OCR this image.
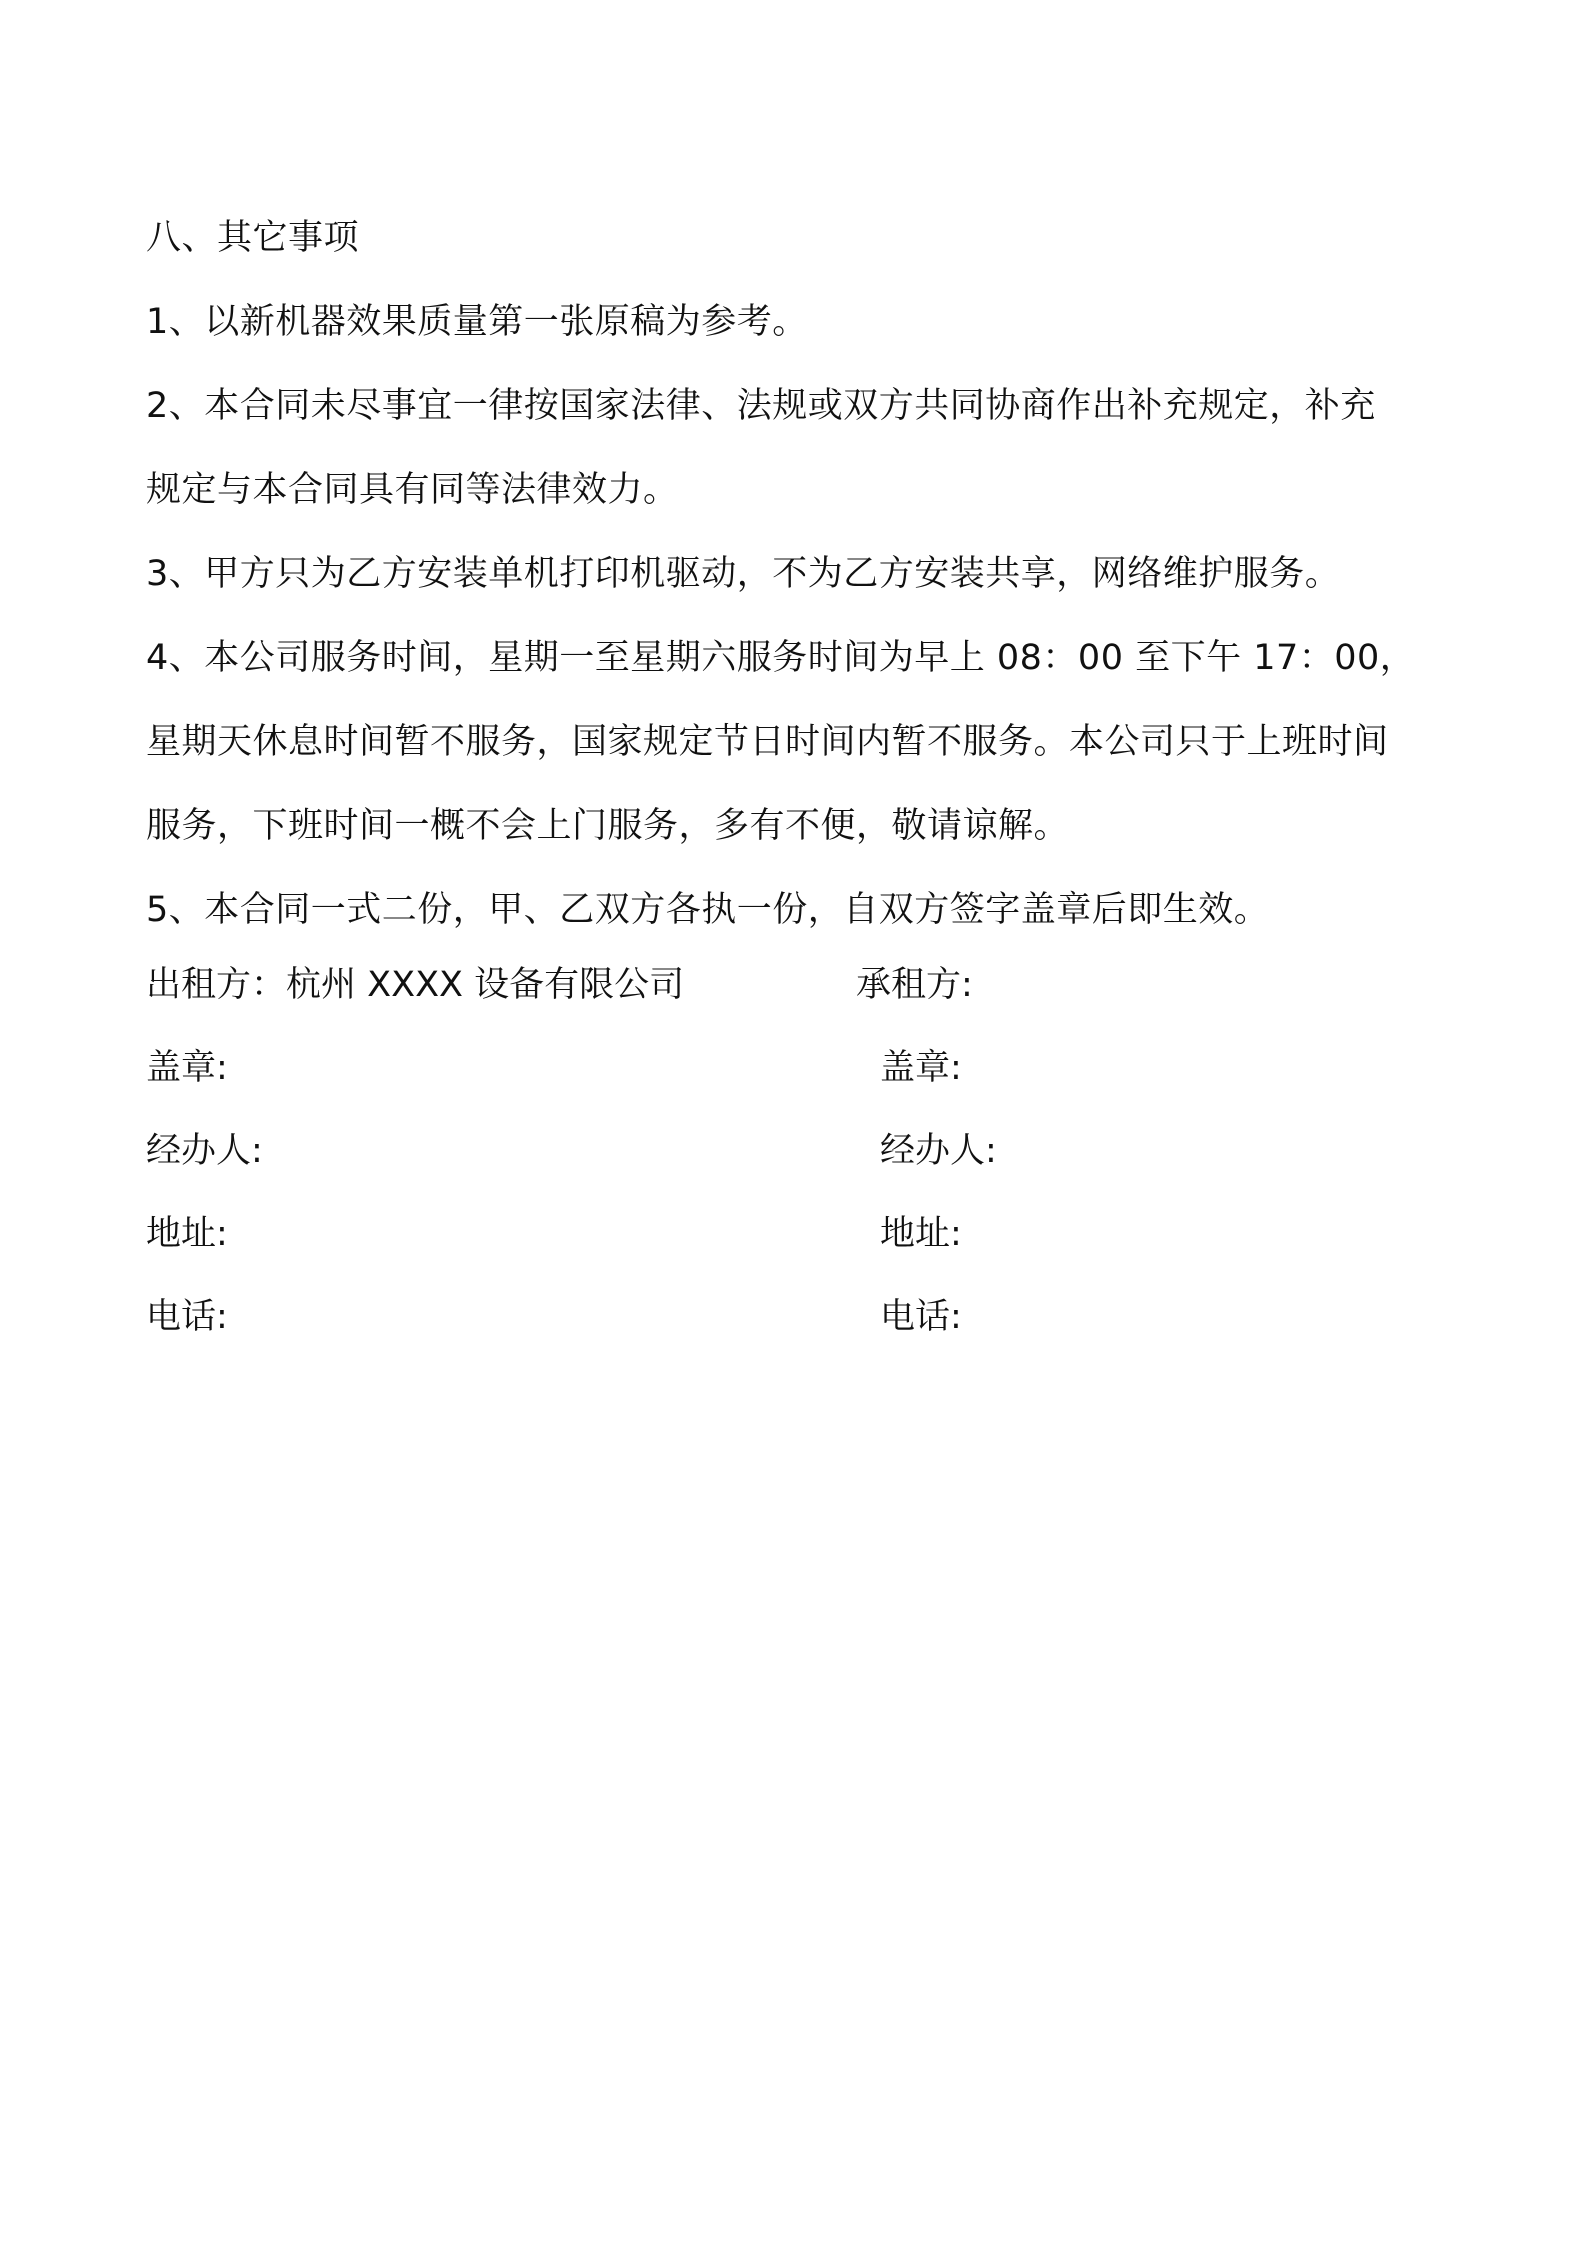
八、其它事项
1、以新机器效果质量第一张原稿为参考。
2、本合同未尽事宜一律按国家法律、法规或双方共同协商作出补充规定，补充
规定与本合同具有同等法律效力。
3、甲方只为乙方安装单机打印机驱动，不为乙方安装共享，网络维护服务。
4、本公司服务时间，星期一至星期六服务时间为早上 08：00 至下午 17：00，
星期天休息时间暂不服务，国家规定节日时间内暂不服务。本公司只于上班时间
服务，下班时间一概不会上门服务，多有不便，敬请谅解。
5、本合同一式二份，甲、乙双方各执一份，自双方签字盖章后即生效。
出租方：杭州 XXXX 设备有限公司	承租方:
盖章:	盖章:
经办人:	经办人:
地址:	地址:
电话:	电话:
